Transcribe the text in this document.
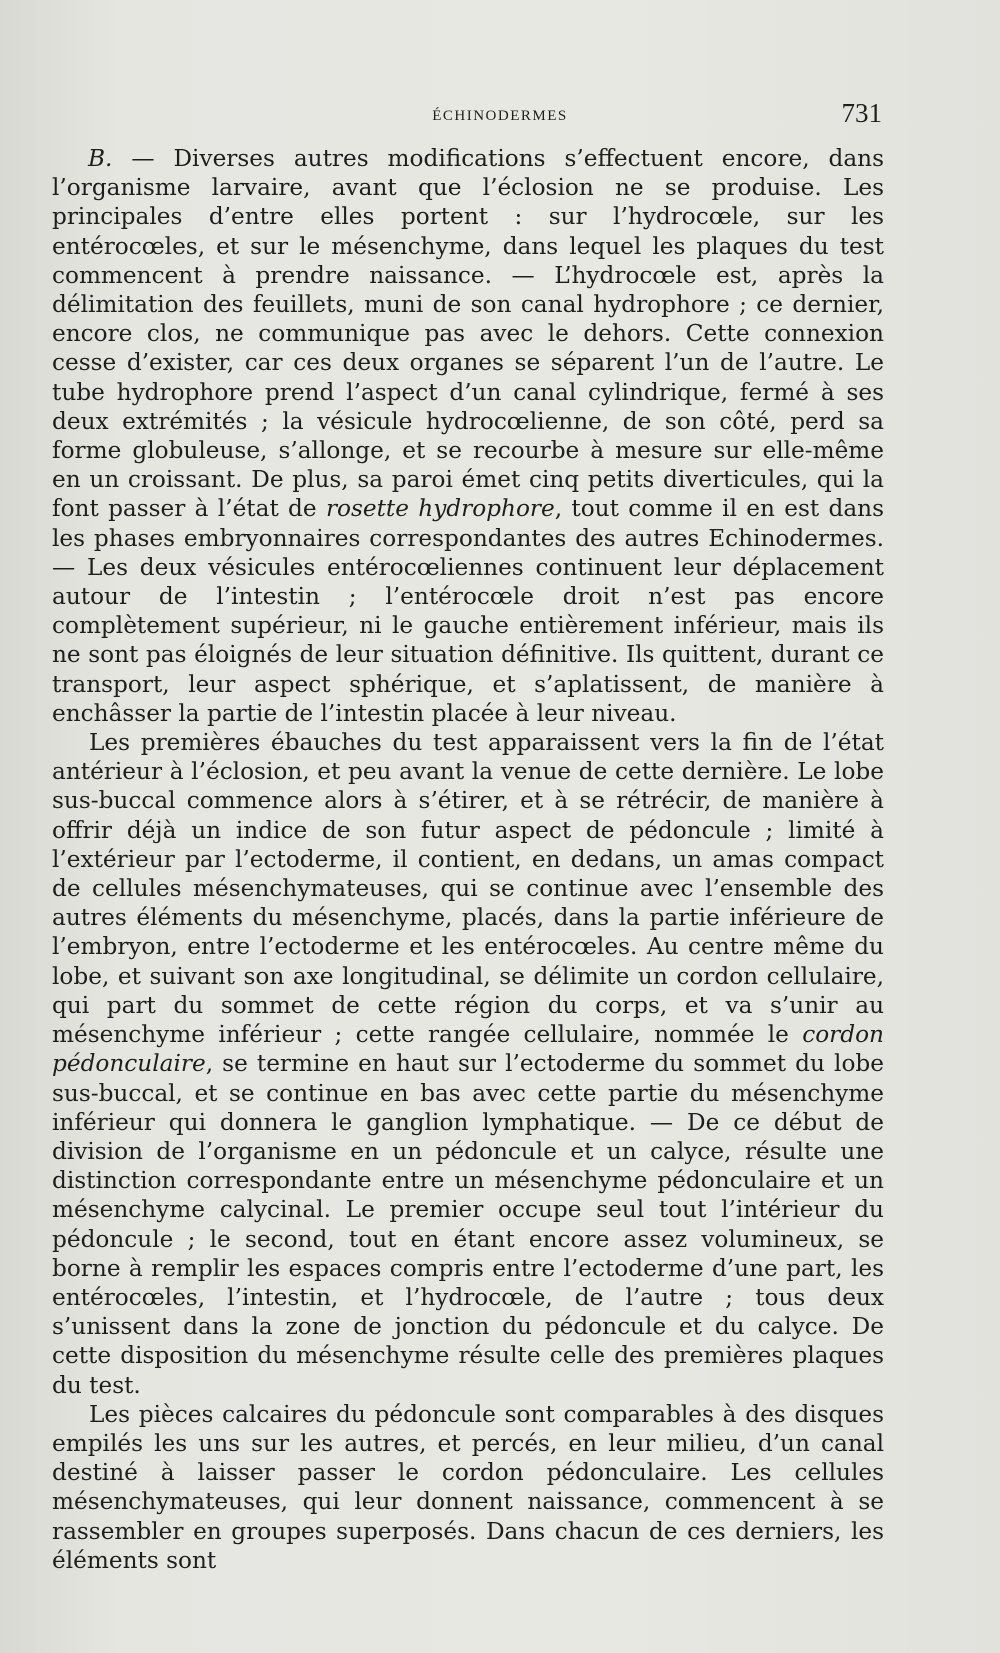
ÉCHINODERMES	731

B. — Diverses autres modifications s’effectuent encore, dans l’organisme larvaire, avant que l’éclosion ne se produise. Les principales d’entre elles portent : sur l’hydrocœle, sur les entérocœles, et sur le mésenchyme, dans lequel les plaques du test commencent à prendre naissance. — L’hydrocœle est, après la délimitation des feuillets, muni de son canal hydrophore ; ce dernier, encore clos, ne communique pas avec le dehors. Cette connexion cesse d’exister, car ces deux organes se séparent l’un de l’autre. Le tube hydrophore prend l’aspect d’un canal cylindrique, fermé à ses deux extrémités ; la vésicule hydrocœlienne, de son côté, perd sa forme globuleuse, s’allonge, et se recourbe à mesure sur elle-même en un croissant. De plus, sa paroi émet cinq petits diverticules, qui la font passer à l’état de rosette hydrophore, tout comme il en est dans les phases embryonnaires correspondantes des autres Echinodermes. — Les deux vésicules entérocœliennes continuent leur déplacement autour de l’intestin ; l’entérocœle droit n’est pas encore complètement supérieur, ni le gauche entièrement inférieur, mais ils ne sont pas éloignés de leur situation définitive. Ils quittent, durant ce transport, leur aspect sphérique, et s’aplatissent, de manière à enchâsser la partie de l’intestin placée à leur niveau.

Les premières ébauches du test apparaissent vers la fin de l’état antérieur à l’éclosion, et peu avant la venue de cette dernière. Le lobe sus-buccal commence alors à s’étirer, et à se rétrécir, de manière à offrir déjà un indice de son futur aspect de pédoncule ; limité à l’extérieur par l’ectoderme, il contient, en dedans, un amas compact de cellules mésenchymateuses, qui se continue avec l’ensemble des autres éléments du mésenchyme, placés, dans la partie inférieure de l’embryon, entre l’ectoderme et les entérocœles. Au centre même du lobe, et suivant son axe longitudinal, se délimite un cordon cellulaire, qui part du sommet de cette région du corps, et va s’unir au mésenchyme inférieur ; cette rangée cellulaire, nommée le cordon pédonculaire, se termine en haut sur l’ectoderme du sommet du lobe sus-buccal, et se continue en bas avec cette partie du mésenchyme inférieur qui donnera le ganglion lymphatique. — De ce début de division de l’organisme en un pédoncule et un calyce, résulte une distinction correspondante entre un mésenchyme pédonculaire et un mésenchyme calycinal. Le premier occupe seul tout l’intérieur du pédoncule ; le second, tout en étant encore assez volumineux, se borne à remplir les espaces compris entre l’ectoderme d’une part, les entérocœles, l’intestin, et l’hydrocœle, de l’autre ; tous deux s’unissent dans la zone de jonction du pédoncule et du calyce. De cette disposition du mésenchyme résulte celle des premières plaques du test.

Les pièces calcaires du pédoncule sont comparables à des disques empilés les uns sur les autres, et percés, en leur milieu, d’un canal destiné à laisser passer le cordon pédonculaire. Les cellules mésenchymateuses, qui leur donnent naissance, commencent à se rassembler en groupes superposés. Dans chacun de ces derniers, les éléments sont
